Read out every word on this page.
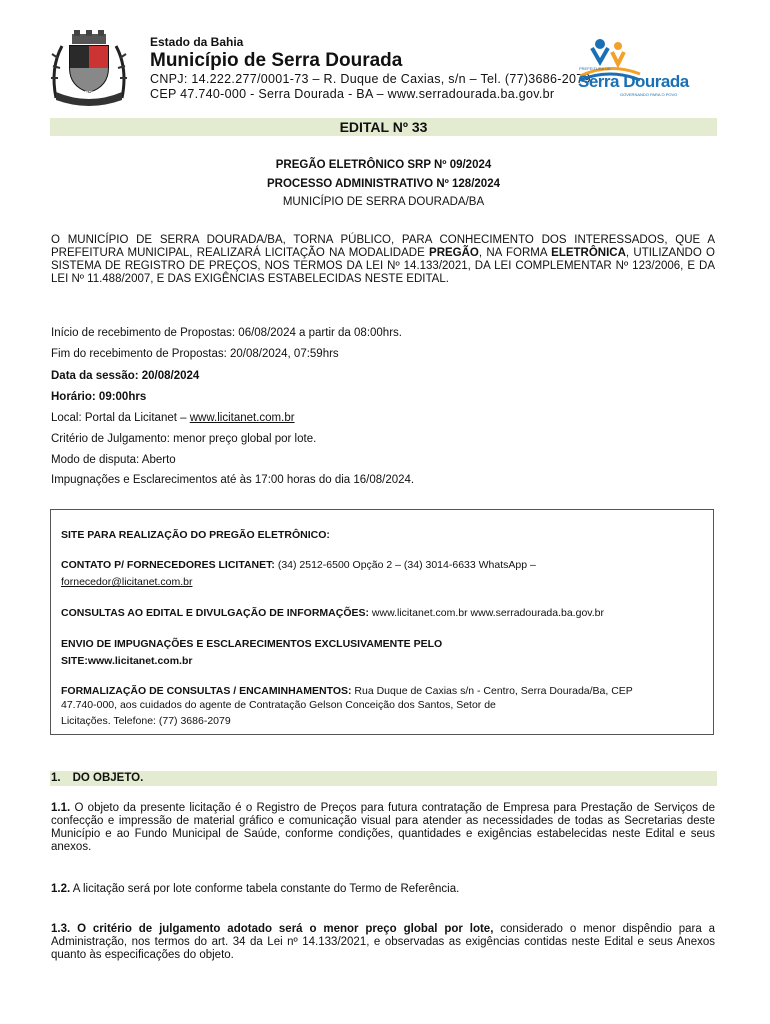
SERRA DOURADA
Estado da Bahia
Município de Serra Dourada
CNPJ: 14.222.277/0001-73 – R. Duque de Caxias, s/n – Tel. (77)3686-2079
CEP 47.740-000 - Serra Dourada - BA – www.serradourada.ba.gov.br
PREFEITURA DE
Serra Dourada
GOVERNANDO PARA O POVO
EDITAL Nº 33
PREGÃO ELETRÔNICO SRP Nº 09/2024
PROCESSO ADMINISTRATIVO Nº 128/2024
MUNICÍPIO DE SERRA DOURADA/BA
O MUNICÍPIO DE SERRA DOURADA/BA, TORNA PÚBLICO, PARA CONHECIMENTO DOS INTERESSADOS, QUE A PREFEITURA MUNICIPAL, REALIZARÁ LICITAÇÃO NA MODALIDADE PREGÃO, NA FORMA ELETRÔNICA, UTILIZANDO O SISTEMA DE REGISTRO DE PREÇOS, NOS TERMOS DA LEI Nº 14.133/2021, DA LEI COMPLEMENTAR Nº 123/2006, E DA LEI Nº 11.488/2007, E DAS EXIGÊNCIAS ESTABELECIDAS NESTE EDITAL.
Início de recebimento de Propostas: 06/08/2024 a partir da 08:00hrs.
Fim do recebimento de Propostas: 20/08/2024, 07:59hrs
Data da sessão: 20/08/2024
Horário: 09:00hrs
Local: Portal da Licitanet – www.licitanet.com.br
Critério de Julgamento: menor preço global por lote.
Modo de disputa: Aberto
Impugnações e Esclarecimentos até às 17:00 horas do dia 16/08/2024.
SITE PARA REALIZAÇÃO DO PREGÃO ELETRÔNICO:
CONTATO P/ FORNECEDORES LICITANET: (34) 2512-6500 Opção 2 – (34) 3014-6633 WhatsApp –
fornecedor@licitanet.com.br
CONSULTAS AO EDITAL E DIVULGAÇÃO DE INFORMAÇÕES: www.licitanet.com.br www.serradourada.ba.gov.br
ENVIO DE IMPUGNAÇÕES E ESCLARECIMENTOS EXCLUSIVAMENTE PELO
SITE:www.licitanet.com.br
FORMALIZAÇÃO DE CONSULTAS / ENCAMINHAMENTOS: Rua Duque de Caxias s/n - Centro, Serra Dourada/Ba, CEP
47.740-000, aos cuidados do agente de Contratação Gelson Conceição dos Santos, Setor de
Licitações. Telefone: (77) 3686-2079
1. DO OBJETO.
1.1. O objeto da presente licitação é o Registro de Preços para futura contratação de Empresa para Prestação de Serviços de confecção e impressão de material gráfico e comunicação visual para atender as necessidades de todas as Secretarias deste Município e ao Fundo Municipal de Saúde, conforme condições, quantidades e exigências estabelecidas neste Edital e seus anexos.
1.2. A licitação será por lote conforme tabela constante do Termo de Referência.
1.3. O critério de julgamento adotado será o menor preço global por lote, considerado o menor dispêndio para a Administração, nos termos do art. 34 da Lei nº 14.133/2021, e observadas as exigências contidas neste Edital e seus Anexos quanto às especificações do objeto.
